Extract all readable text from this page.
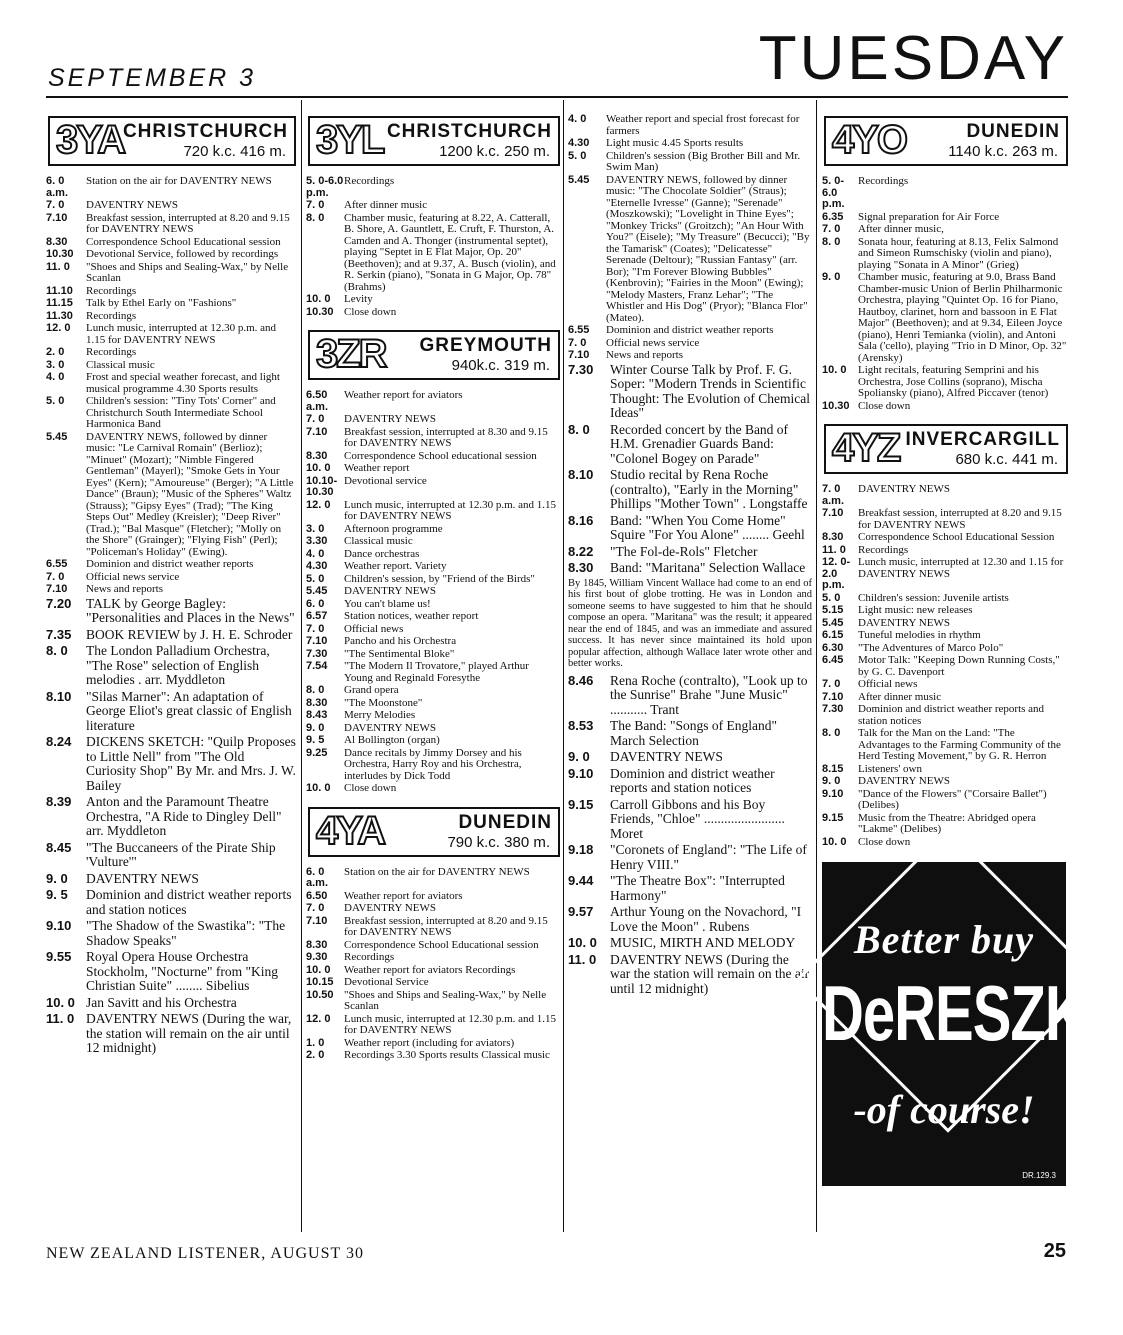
SEPTEMBER 3	TUESDAY
3YA
CHRISTCHURCH
720 k.c. 416 m.
6. 0 a.m.
Station on the air for DAVENTRY NEWS
7. 0	DAVENTRY NEWS
7.10	Breakfast session, interrupted at 8.20 and 9.15 for DAVENTRY NEWS
8.30	Correspondence School Educational session
10.30	Devotional Service, followed by recordings
11. 0	"Shoes and Ships and Sealing-Wax," by Nelle Scanlan
11.10	Recordings
11.15	Talk by Ethel Early on "Fashions"
11.30	Recordings
12. 0	Lunch music, interrupted at 12.30 p.m. and 1.15 for DAVENTRY NEWS
2. 0	Recordings
3. 0	Classical music
4. 0	Frost and special weather forecast, and light musical programme 4.30 Sports results
5. 0	Children's session: "Tiny Tots' Corner" and Christchurch South Intermediate School Harmonica Band
5.45	DAVENTRY NEWS, followed by dinner music: "Le Carnival Romain" (Berlioz); "Minuet" (Mozart); "Nimble Fingered Gentleman" (Mayerl); "Smoke Gets in Your Eyes" (Kern); "Amoureuse" (Berger); "A Little Dance" (Braun); "Music of the Spheres" Waltz (Strauss); "Gipsy Eyes" (Trad); "The King Steps Out" Medley (Kreisler); "Deep River" (Trad.); "Bal Masque" (Fletcher); "Molly on the Shore" (Grainger); "Flying Fish" (Perl); "Policeman's Holiday" (Ewing).
6.55	Dominion and district weather reports
7. 0	Official news service
7.10	News and reports
7.20	TALK by George Bagley: "Personalities and Places in the News"
7.35	BOOK REVIEW by J. H. E. Schroder
8. 0	The London Palladium Orchestra, "The Rose" selection of English melodies . arr. Myddleton
8.10	"Silas Marner": An adaptation of George Eliot's great classic of English literature
8.24	DICKENS SKETCH: "Quilp Proposes to Little Nell" from "The Old Curiosity Shop" By Mr. and Mrs. J. W. Bailey
8.39	Anton and the Paramount Theatre Orchestra, "A Ride to Dingley Dell" arr. Myddleton
8.45	"The Buccaneers of the Pirate Ship 'Vulture'"
9. 0	DAVENTRY NEWS
9. 5	Dominion and district weather reports and station notices
9.10	"The Shadow of the Swastika": "The Shadow Speaks"
9.55	Royal Opera House Orchestra Stockholm, "Nocturne" from "King Christian Suite" ........ Sibelius
10. 0 Jan Savitt and his Orchestra
11. 0 DAVENTRY NEWS (During the war, the station will remain on the air until 12 midnight)
3YL CHRISTCHURCH
1200 k.c. 250 m.
5. 0-6.0 p.m.
Recordings
7. 0	After dinner music
8. 0	Chamber music, featuring at 8.22, A. Catterall, B. Shore, A. Gauntlett, E. Cruft, F. Thurston, A. Camden and A. Thonger (instrumental septet), playing "Septet in E Flat Major, Op. 20" (Beethoven); and at 9.37, A. Busch (violin), and R. Serkin (piano), "Sonata in G Major, Op. 78" (Brahms)
10. 0	Levity
10.30 Close down
3ZR GREYMOUTH
940k.c. 319 m.
6.50 a.m.
Weather report for aviators
7. 0	DAVENTRY NEWS
7.10	Breakfast session, interrupted at 8.30 and 9.15 for DAVENTRY NEWS
8.30	Correspondence School educational session
10. 0	Weather report
10.10-10.30
Devotional service
12. 0	Lunch music, interrupted at 12.30 p.m. and 1.15 for DAVENTRY NEWS
3. 0	Afternoon programme
3.30	Classical music
4. 0	Dance orchestras
4.30	Weather report. Variety
5. 0	Children's session, by "Friend of the Birds"
5.45	DAVENTRY NEWS
6. 0	You can't blame us!
6.57	Station notices, weather report
7. 0	Official news
7.10	Pancho and his Orchestra
7.30	"The Sentimental Bloke"
7.54	"The Modern Il Trovatore," played Arthur Young and Reginald Foresythe
8. 0	Grand opera
8.30	"The Moonstone"
8.43	Merry Melodies
9. 0	DAVENTRY NEWS
9. 5	Al Bollington (organ)
9.25	Dance recitals by Jimmy Dorsey and his Orchestra, Harry Roy and his Orchestra, interludes by Dick Todd
10. 0	Close down
4YA	DUNEDIN
790 k.c. 380 m.
6. 0 a.m.
Station on the air for DAVENTRY NEWS
6.50	Weather report for aviators
7. 0	DAVENTRY NEWS
7.10	Breakfast session, interrupted at 8.20 and 9.15 for DAVENTRY NEWS
8.30	Correspondence School Educational session
9.30	Recordings
10. 0	Weather report for aviators Recordings
10.15 Devotional Service
10.50 "Shoes and Ships and Sealing-Wax," by Nelle Scanlan
12. 0	Lunch music, interrupted at 12.30 p.m. and 1.15 for DAVENTRY NEWS
1. 0	Weather report (including for aviators)
2. 0	Recordings 3.30 Sports results Classical music
4. 0	Weather report and special frost forecast for farmers
4.30	Light music 4.45 Sports results
5. 0	Children's session (Big Brother Bill and Mr. Swim Man)
5.45	DAVENTRY NEWS, followed by dinner music: "The Chocolate Soldier" (Straus); "Eternelle Ivresse" (Ganne); "Serenade" (Moszkowski); "Lovelight in Thine Eyes"; "Monkey Tricks" (Groitzch); "An Hour With You?" (Eisele); "My Treasure" (Becucci); "By the Tamarisk" (Coates); "Delicatesse" Serenade (Deltour); "Russian Fantasy" (arr. Bor); "I'm Forever Blowing Bubbles" (Kenbrovin); "Fairies in the Moon" (Ewing); "Melody Masters, Franz Lehar"; "The Whistler and His Dog" (Pryor); "Blanca Flor" (Mateo).
6.55	Dominion and district weather reports
7. 0	Official news service
7.10	News and reports
7.30	Winter Course Talk by Prof. F. G. Soper: "Modern Trends in Scientific Thought: The Evolution of Chemical Ideas"
8. 0	Recorded concert by the Band of H.M. Grenadier Guards Band: "Colonel Bogey on Parade"
8.10	Studio recital by Rena Roche (contralto), "Early in the Morning" Phillips "Mother Town" . Longstaffe
8.16	Band: "When You Come Home" Squire "For You Alone" ........ Geehl
8.22	"The Fol-de-Rols" Fletcher
8.30	Band: "Maritana" Selection Wallace
By 1845, William Vincent Wallace had come to an end of his first bout of globe trotting. He was in London and someone seems to have suggested to him that he should compose an opera. "Maritana" was the result; it appeared near the end of 1845, and was an immediate and assured success. It has never since maintained its hold upon popular affection, although Wallace later wrote other and better works.
8.46	Rena Roche (contralto), "Look up to the Sunrise" Brahe "June Music" ........... Trant
8.53	The Band: "Songs of England" March Selection
9. 0	DAVENTRY NEWS
9.10	Dominion and district weather reports and station notices
9.15	Carroll Gibbons and his Boy Friends, "Chloe" ........................ Moret
9.18	"Coronets of England": "The Life of Henry VIII."
9.44	"The Theatre Box": "Interrupted Harmony"
9.57	Arthur Young on the Novachord, "I Love the Moon" . Rubens
10. 0 MUSIC, MIRTH AND MELODY
11. 0	DAVENTRY NEWS (During the war the station will remain on the air until 12 midnight)
4YO	DUNEDIN
1140 k.c. 263 m.
5. 0-6.0 p.m.
Recordings
6.35	Signal preparation for Air Force
7. 0	After dinner music,
8. 0	Sonata hour, featuring at 8.13, Felix Salmond and Simeon Rumschisky (violin and piano), playing "Sonata in A Minor" (Grieg)
9. 0	Chamber music, featuring at 9.0, Brass Band Chamber-music Union of Berlin Philharmonic Orchestra, playing "Quintet Op. 16 for Piano, Hautboy, clarinet, horn and bassoon in E Flat Major" (Beethoven); and at 9.34, Eileen Joyce (piano), Henri Temianka (violin), and Antoni Sala ('cello), playing "Trio in D Minor, Op. 32" (Arensky)
10. 0	Light recitals, featuring Semprini and his Orchestra, Jose Collins (soprano), Mischa Spoliansky (piano), Alfred Piccaver (tenor)
10.30 Close down
4YZ INVERCARGILL
680 k.c. 441 m.
7. 0 a.m.
DAVENTRY NEWS
7.10	Breakfast session, interrupted at 8.20 and 9.15 for DAVENTRY NEWS
8.30	Correspondence School Educational Session
11. 0	Recordings
12. 0-2.0 p.m.
Lunch music, interrupted at 12.30 and 1.15 for DAVENTRY NEWS
5. 0	Children's session: Juvenile artists
5.15	Light music: new releases
5.45	DAVENTRY NEWS
6.15	Tuneful melodies in rhythm
6.30	"The Adventures of Marco Polo"
6.45	Motor Talk: "Keeping Down Running Costs," by G. C. Davenport
7. 0	Official news
7.10	After dinner music
7.30	Dominion and district weather reports and station notices
8. 0	Talk for the Man on the Land: "The Advantages to the Farming Community of the Herd Testing Movement," by G. R. Herron
8.15	Listeners' own
9. 0	DAVENTRY NEWS
9.10	"Dance of the Flowers" ("Corsaire Ballet") (Delibes)
9.15	Music from the Theatre: Abridged opera "Lakme" (Delibes)
10. 0	Close down
Better buy
DeRESZKE
-of course!
DR.129.3
NEW ZEALAND LISTENER, AUGUST 30	25
